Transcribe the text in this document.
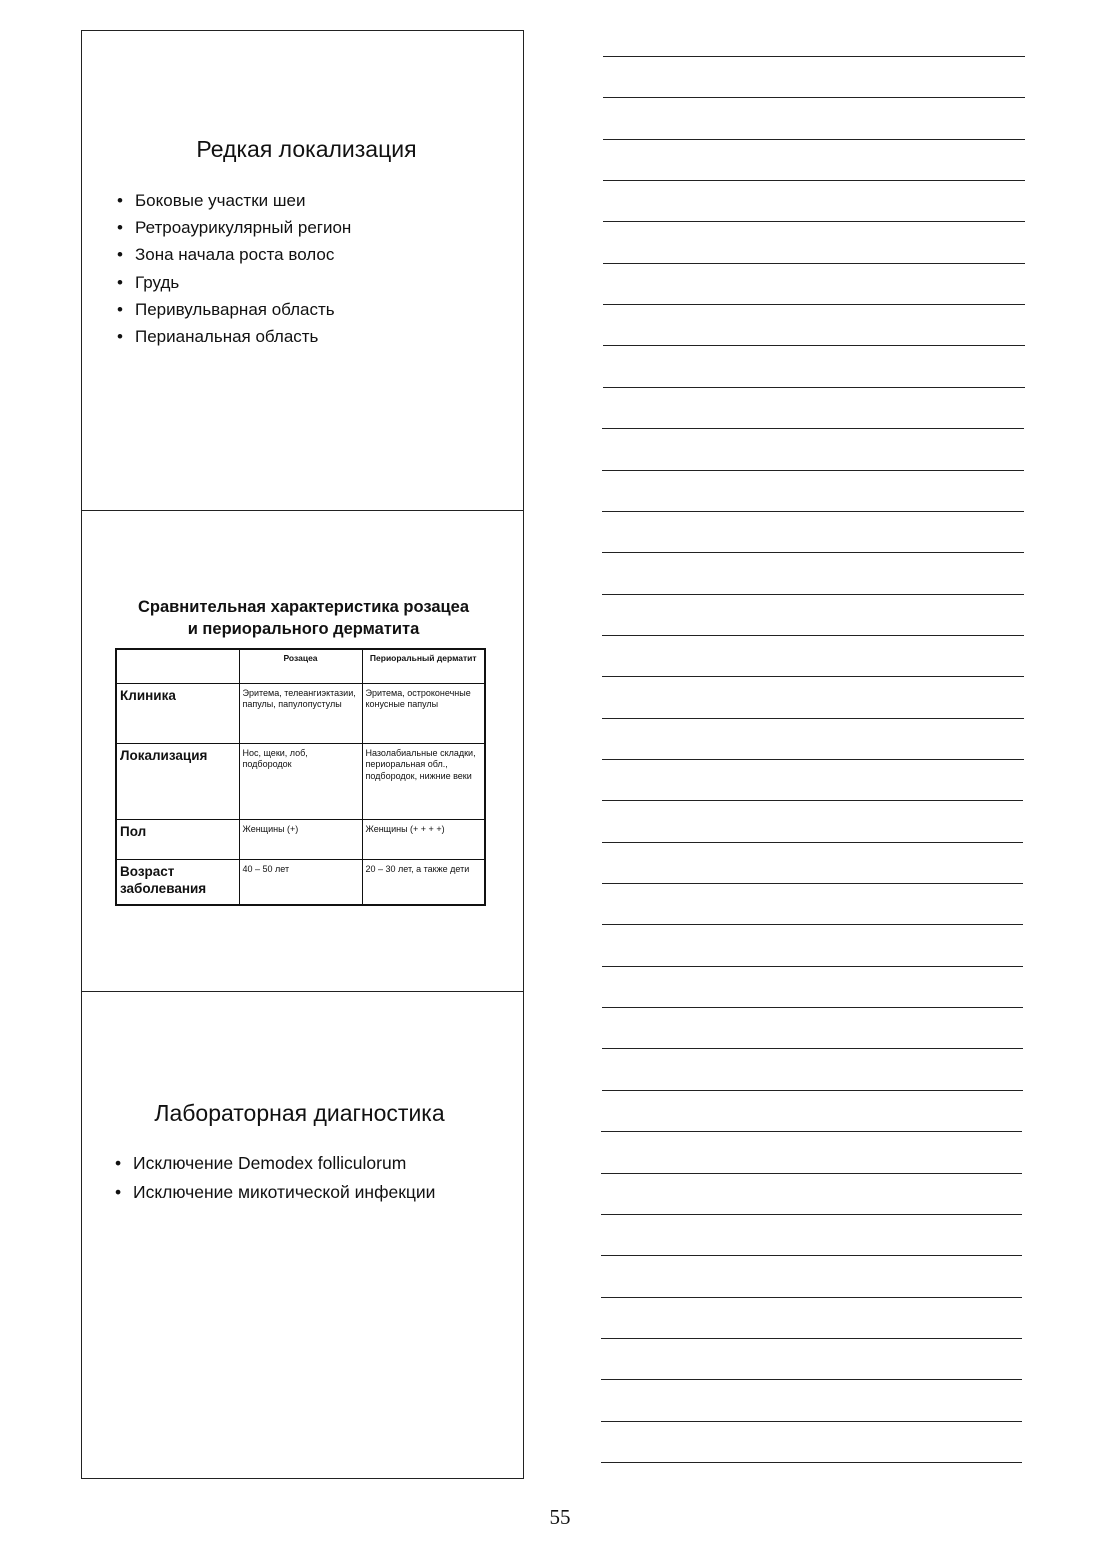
Редкая локализация
• Боковые участки шеи
• Ретроаурикулярный регион
• Зона начала роста волос
• Грудь
• Перивульварная область
• Перианальная область
Сравнительная характеристика розацеа
и периорального дерматита
	Розацеа	Периоральный дерматит
Клиника	Эритема, телеангиэктазии, папулы, папулопустулы	Эритема, остроконечные конусные папулы
Локализация	Нос, щеки, лоб, подбородок	Назолабиальные складки, периоральная обл., подбородок, нижние веки
Пол	Женщины (+)	Женщины (+ + + +)
Возраст заболевания	40 – 50 лет	20 – 30 лет, а также дети
Лабораторная диагностика
• Исключение Demodex folliculorum
• Исключение микотической инфекции
55
